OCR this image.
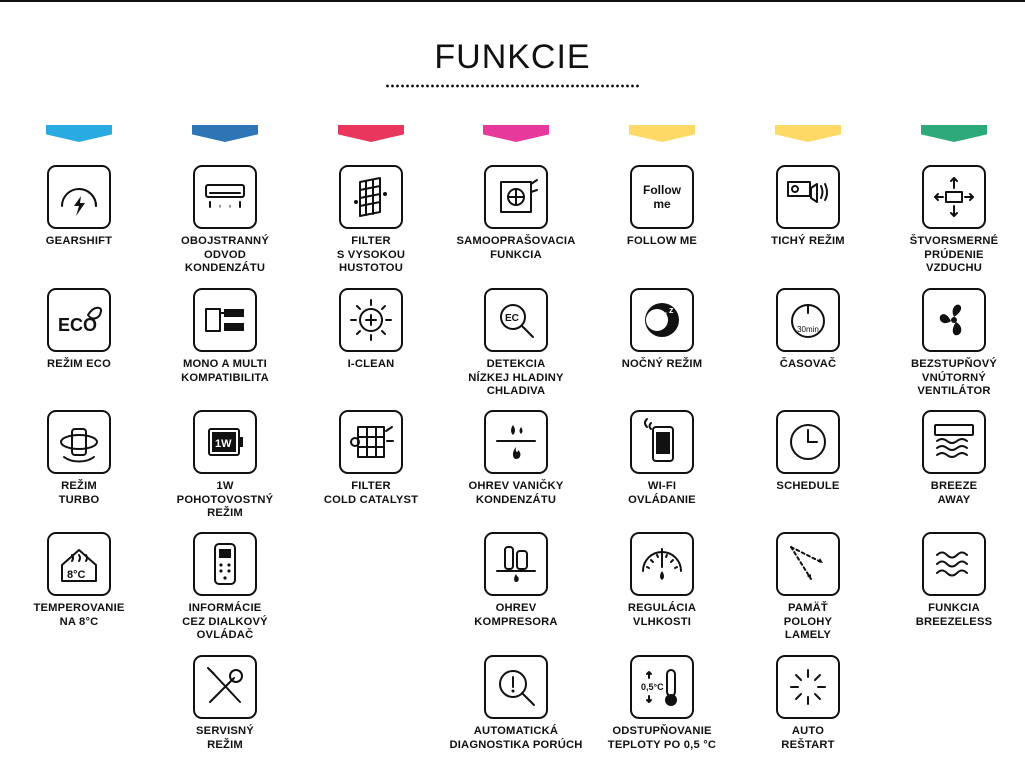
FUNKCIE
GEARSHIFT
ECO
REŽIM ECO
REŽIM
TURBO
8°C
TEMPEROVANIE
NA 8°C
OBOJSTRANNÝ
ODVOD
KONDENZÁTU
MONO A MULTI
KOMPATIBILITA
1W
1W
POHOTOVOSTNÝ
REŽIM
INFORMÁCIE
CEZ DIALKOVÝ
OVLÁDAČ
SERVISNÝ
REŽIM
FILTER
S VYSOKOU
HUSTOTOU
I-CLEAN
FILTER
COLD CATALYST
SAMOOPRAŠOVACIA
FUNKCIA
EC
DETEKCIA
NÍZKEJ HLADINY
CHLADIVA
OHREV VANIČKY
KONDENZÁTU
OHREV
KOMPRESORA
AUTOMATICKÁ
DIAGNOSTIKA PORÚCH
Follow
me
FOLLOW ME
z z
NOČNÝ REŽIM
WI-FI
OVLÁDANIE
REGULÁCIA
VLHKOSTI
0,5°C
ODSTUPŇOVANIE
TEPLOTY PO 0,5 °C
TICHÝ REŽIM
30min
ČASOVAČ
SCHEDULE
PAMÄŤ
POLOHY
LAMELY
AUTO
REŠTART
ŠTVORSMERNÉ
PRÚDENIE
VZDUCHU
BEZSTUPŇOVÝ
VNÚTORNÝ
VENTILÁTOR
BREEZE
AWAY
FUNKCIA
BREEZELESS
